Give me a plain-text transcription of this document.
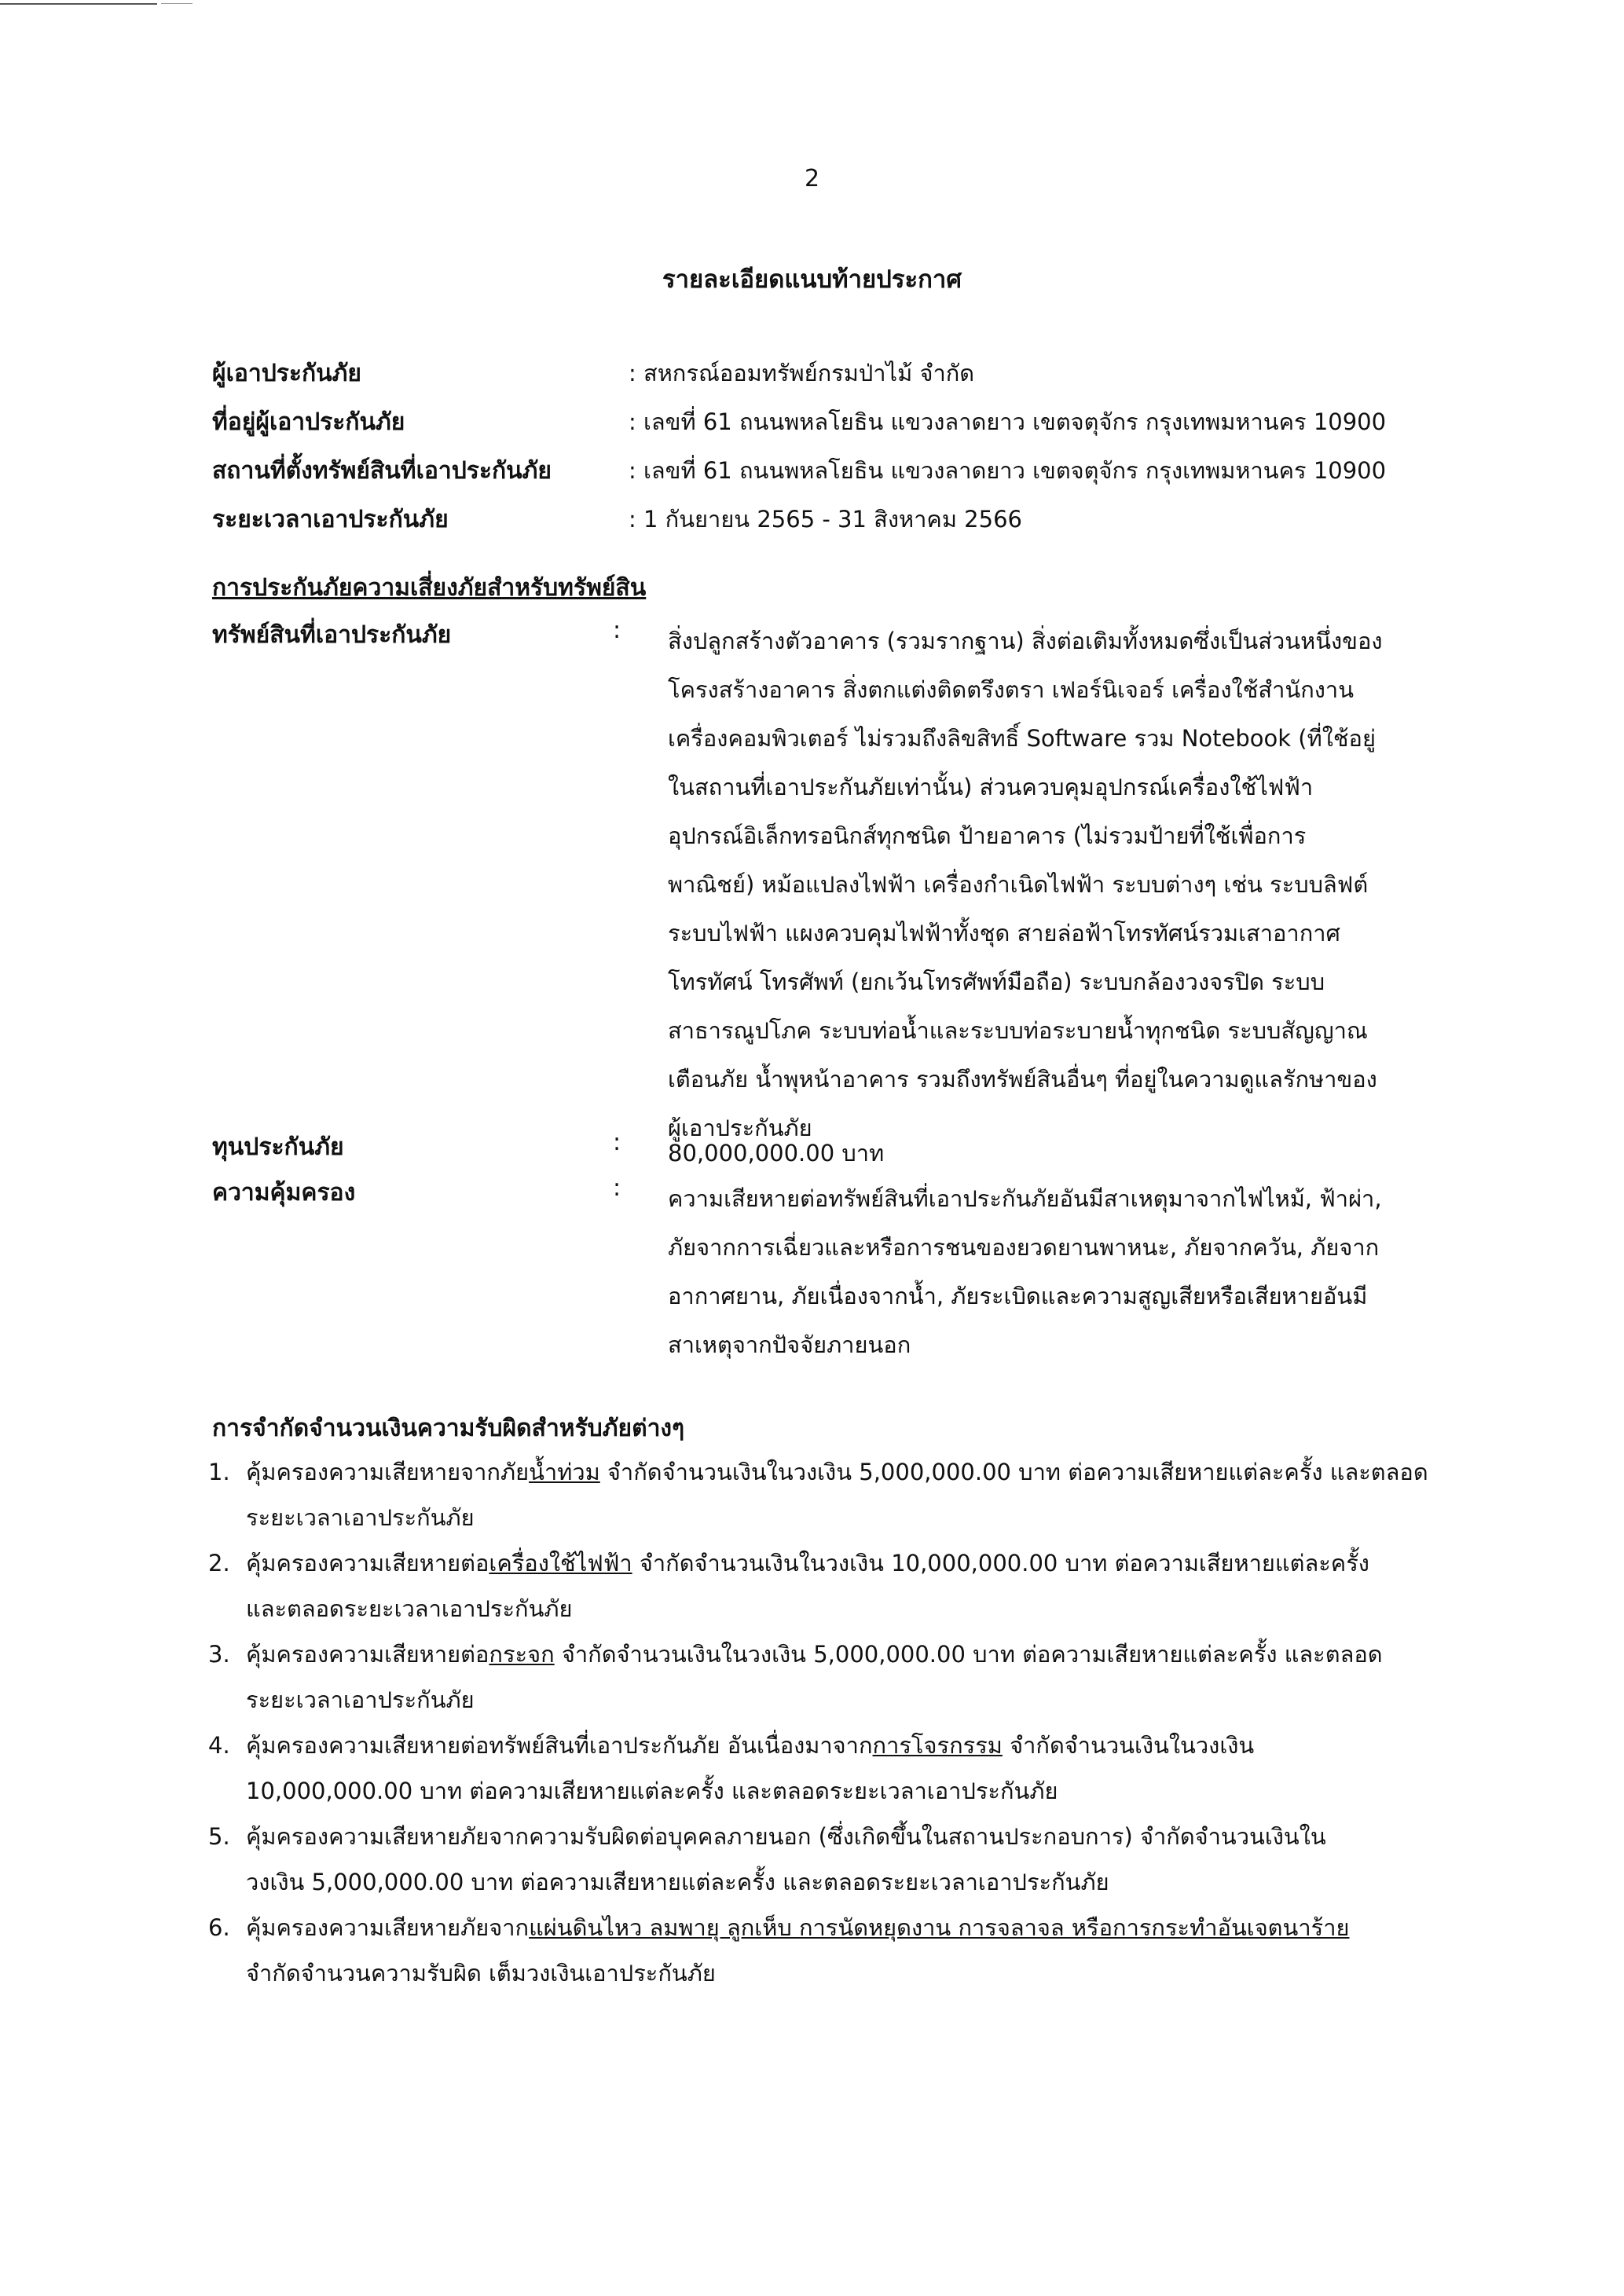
2
รายละเอียดแนบท้ายประกาศ
ผู้เอาประกันภัย	: สหกรณ์ออมทรัพย์กรมป่าไม้ จำกัด
ที่อยู่ผู้เอาประกันภัย	: เลขที่ 61 ถนนพหลโยธิน แขวงลาดยาว เขตจตุจักร กรุงเทพมหานคร 10900
สถานที่ตั้งทรัพย์สินที่เอาประกันภัย	: เลขที่ 61 ถนนพหลโยธิน แขวงลาดยาว เขตจตุจักร กรุงเทพมหานคร 10900
ระยะเวลาเอาประกันภัย	: 1 กันยายน 2565 - 31 สิงหาคม 2566
การประกันภัยความเสี่ยงภัยสำหรับทรัพย์สิน
ทรัพย์สินที่เอาประกันภัย	: สิ่งปลูกสร้างตัวอาคาร (รวมรากฐาน) สิ่งต่อเติมทั้งหมดซึ่งเป็นส่วนหนึ่งของ
โครงสร้างอาคาร สิ่งตกแต่งติดตรึงตรา เฟอร์นิเจอร์ เครื่องใช้สำนักงาน
เครื่องคอมพิวเตอร์ ไม่รวมถึงลิขสิทธิ์ Software รวม Notebook (ที่ใช้อยู่
ในสถานที่เอาประกันภัยเท่านั้น) ส่วนควบคุมอุปกรณ์เครื่องใช้ไฟฟ้า
อุปกรณ์อิเล็กทรอนิกส์ทุกชนิด ป้ายอาคาร (ไม่รวมป้ายที่ใช้เพื่อการ
พาณิชย์) หม้อแปลงไฟฟ้า เครื่องกำเนิดไฟฟ้า ระบบต่างๆ เช่น ระบบลิฟต์
ระบบไฟฟ้า แผงควบคุมไฟฟ้าทั้งชุด สายล่อฟ้าโทรทัศน์รวมเสาอากาศ
โทรทัศน์ โทรศัพท์ (ยกเว้นโทรศัพท์มือถือ) ระบบกล้องวงจรปิด ระบบ
สาธารณูปโภค ระบบท่อน้ำและระบบท่อระบายน้ำทุกชนิด ระบบสัญญาณ
เตือนภัย น้ำพุหน้าอาคาร รวมถึงทรัพย์สินอื่นๆ ที่อยู่ในความดูแลรักษาของ
ผู้เอาประกันภัย
ทุนประกันภัย	: 80,000,000.00 บาท
ความคุ้มครอง	: ความเสียหายต่อทรัพย์สินที่เอาประกันภัยอันมีสาเหตุมาจากไฟไหม้, ฟ้าผ่า,
ภัยจากการเฉี่ยวและหรือการชนของยวดยานพาหนะ, ภัยจากควัน, ภัยจาก
อากาศยาน, ภัยเนื่องจากน้ำ, ภัยระเบิดและความสูญเสียหรือเสียหายอันมี
สาเหตุจากปัจจัยภายนอก
การจำกัดจำนวนเงินความรับผิดสำหรับภัยต่างๆ
1. คุ้มครองความเสียหายจากภัยน้ำท่วม จำกัดจำนวนเงินในวงเงิน 5,000,000.00 บาท ต่อความเสียหายแต่ละครั้ง และตลอด
ระยะเวลาเอาประกันภัย
2. คุ้มครองความเสียหายต่อเครื่องใช้ไฟฟ้า จำกัดจำนวนเงินในวงเงิน 10,000,000.00 บาท ต่อความเสียหายแต่ละครั้ง
และตลอดระยะเวลาเอาประกันภัย
3. คุ้มครองความเสียหายต่อกระจก จำกัดจำนวนเงินในวงเงิน 5,000,000.00 บาท ต่อความเสียหายแต่ละครั้ง และตลอด
ระยะเวลาเอาประกันภัย
4. คุ้มครองความเสียหายต่อทรัพย์สินที่เอาประกันภัย อันเนื่องมาจากการโจรกรรม จำกัดจำนวนเงินในวงเงิน
10,000,000.00 บาท ต่อความเสียหายแต่ละครั้ง และตลอดระยะเวลาเอาประกันภัย
5. คุ้มครองความเสียหายภัยจากความรับผิดต่อบุคคลภายนอก (ซึ่งเกิดขึ้นในสถานประกอบการ) จำกัดจำนวนเงินใน
วงเงิน 5,000,000.00 บาท ต่อความเสียหายแต่ละครั้ง และตลอดระยะเวลาเอาประกันภัย
6. คุ้มครองความเสียหายภัยจากแผ่นดินไหว ลมพายุ ลูกเห็บ การนัดหยุดงาน การจลาจล หรือการกระทำอันเจตนาร้าย
จำกัดจำนวนความรับผิด เต็มวงเงินเอาประกันภัย
